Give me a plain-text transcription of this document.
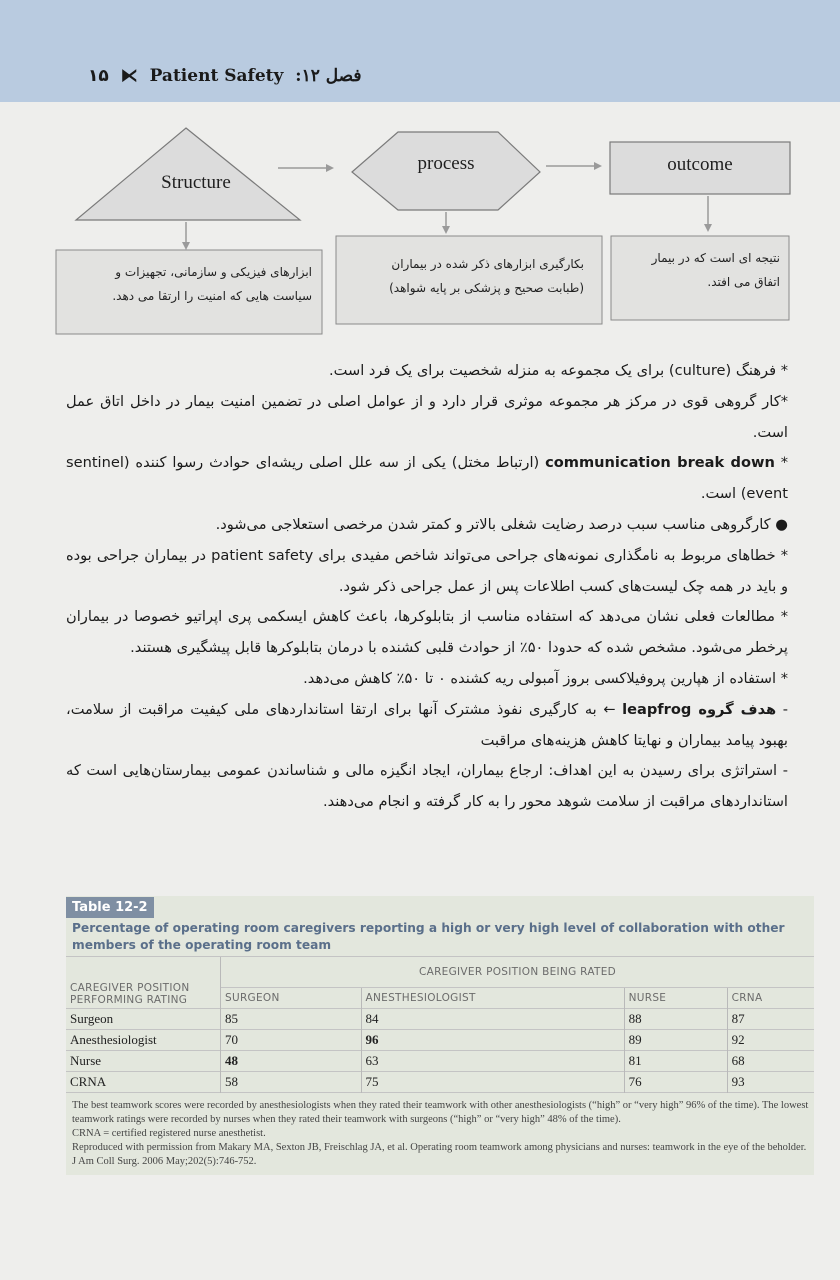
۱۵ ⧔ Patient Safety :۱۲ فصل
Structure
process	outcome
ابزارهای فیزیکی و سازمانی، تجهیزات و
سیاست هایی که امنیت را ارتقا می دهد.
بکارگیری ابزارهای ذکر شده در بیماران
(طبابت صحیح و پزشکی بر پایه شواهد)
نتیجه ای است که در بیمار
اتفاق می افتد.

* فرهنگ (culture) برای یک مجموعه به منزله شخصیت برای یک فرد است.

*کار گروهی قوی در مرکز هر مجموعه موثری قرار دارد و از عوامل اصلی در تضمین امنیت بیمار در داخل اتاق عمل است.

* communication break down (ارتباط مختل) یکی از سه علل اصلی ریشه‌ای حوادث رسوا کننده (sentinel event) است.

● کارگروهی مناسب سبب درصد رضایت شغلی بالاتر و کمتر شدن مرخصی استعلاجی می‌شود.

* خطاهای مربوط به نامگذاری نمونه‌های جراحی می‌تواند شاخص مفیدی برای patient safety در بیماران جراحی بوده و باید در همه چک لیست‌های کسب اطلاعات پس از عمل جراحی ذکر شود.

* مطالعات فعلی نشان می‌دهد که استفاده مناسب از بتابلوکرها، باعث کاهش ایسکمی پری اپراتیو خصوصا در بیماران پرخطر می‌شود. مشخص شده که حدودا ۵۰٪ از حوادث قلبی کشنده با درمان بتابلوکرها قابل پیشگیری هستند.

* استفاده از هپارین پروفیلاکسی بروز آمبولی ریه کشنده ۰ تا ۵۰٪ کاهش می‌دهد.

- هدف گروه leapfrog ← به کارگیری نفوذ مشترک آنها برای ارتقا استانداردهای ملی کیفیت مراقبت از سلامت، بهبود پیامد بیماران و نهایتا کاهش هزینه‌های مراقبت

- استراتژی برای رسیدن به این اهداف: ارجاع بیماران، ایجاد انگیزه مالی و شناساندن عمومی بیمارستان‌هایی است که استانداردهای مراقبت از سلامت شوهد محور را به کار گرفته و انجام می‌دهند.

Table 12-2
Percentage of operating room caregivers reporting a high or very high level of collaboration with other members of the operating room team
CAREGIVER POSITION
PERFORMING RATING	CAREGIVER POSITION BEING RATED			
	SURGEON	ANESTHESIOLOGIST	NURSE	CRNA
Surgeon	85	84	88	87
Anesthesiologist	70	96	89	92
Nurse	48	63	81	68
CRNA	58	75	76	93
The best teamwork scores were recorded by anesthesiologists when they rated their teamwork with other anesthesiologists (“high” or “very high” 96% of the time). The lowest teamwork ratings were recorded by nurses when they rated their teamwork with surgeons (“high” or “very high” 48% of the time).
CRNA = certified registered nurse anesthetist.
Reproduced with permission from Makary MA, Sexton JB, Freischlag JA, et al. Operating room teamwork among physicians and nurses: teamwork in the eye of the beholder. J Am Coll Surg. 2006 May;202(5):746-752.
